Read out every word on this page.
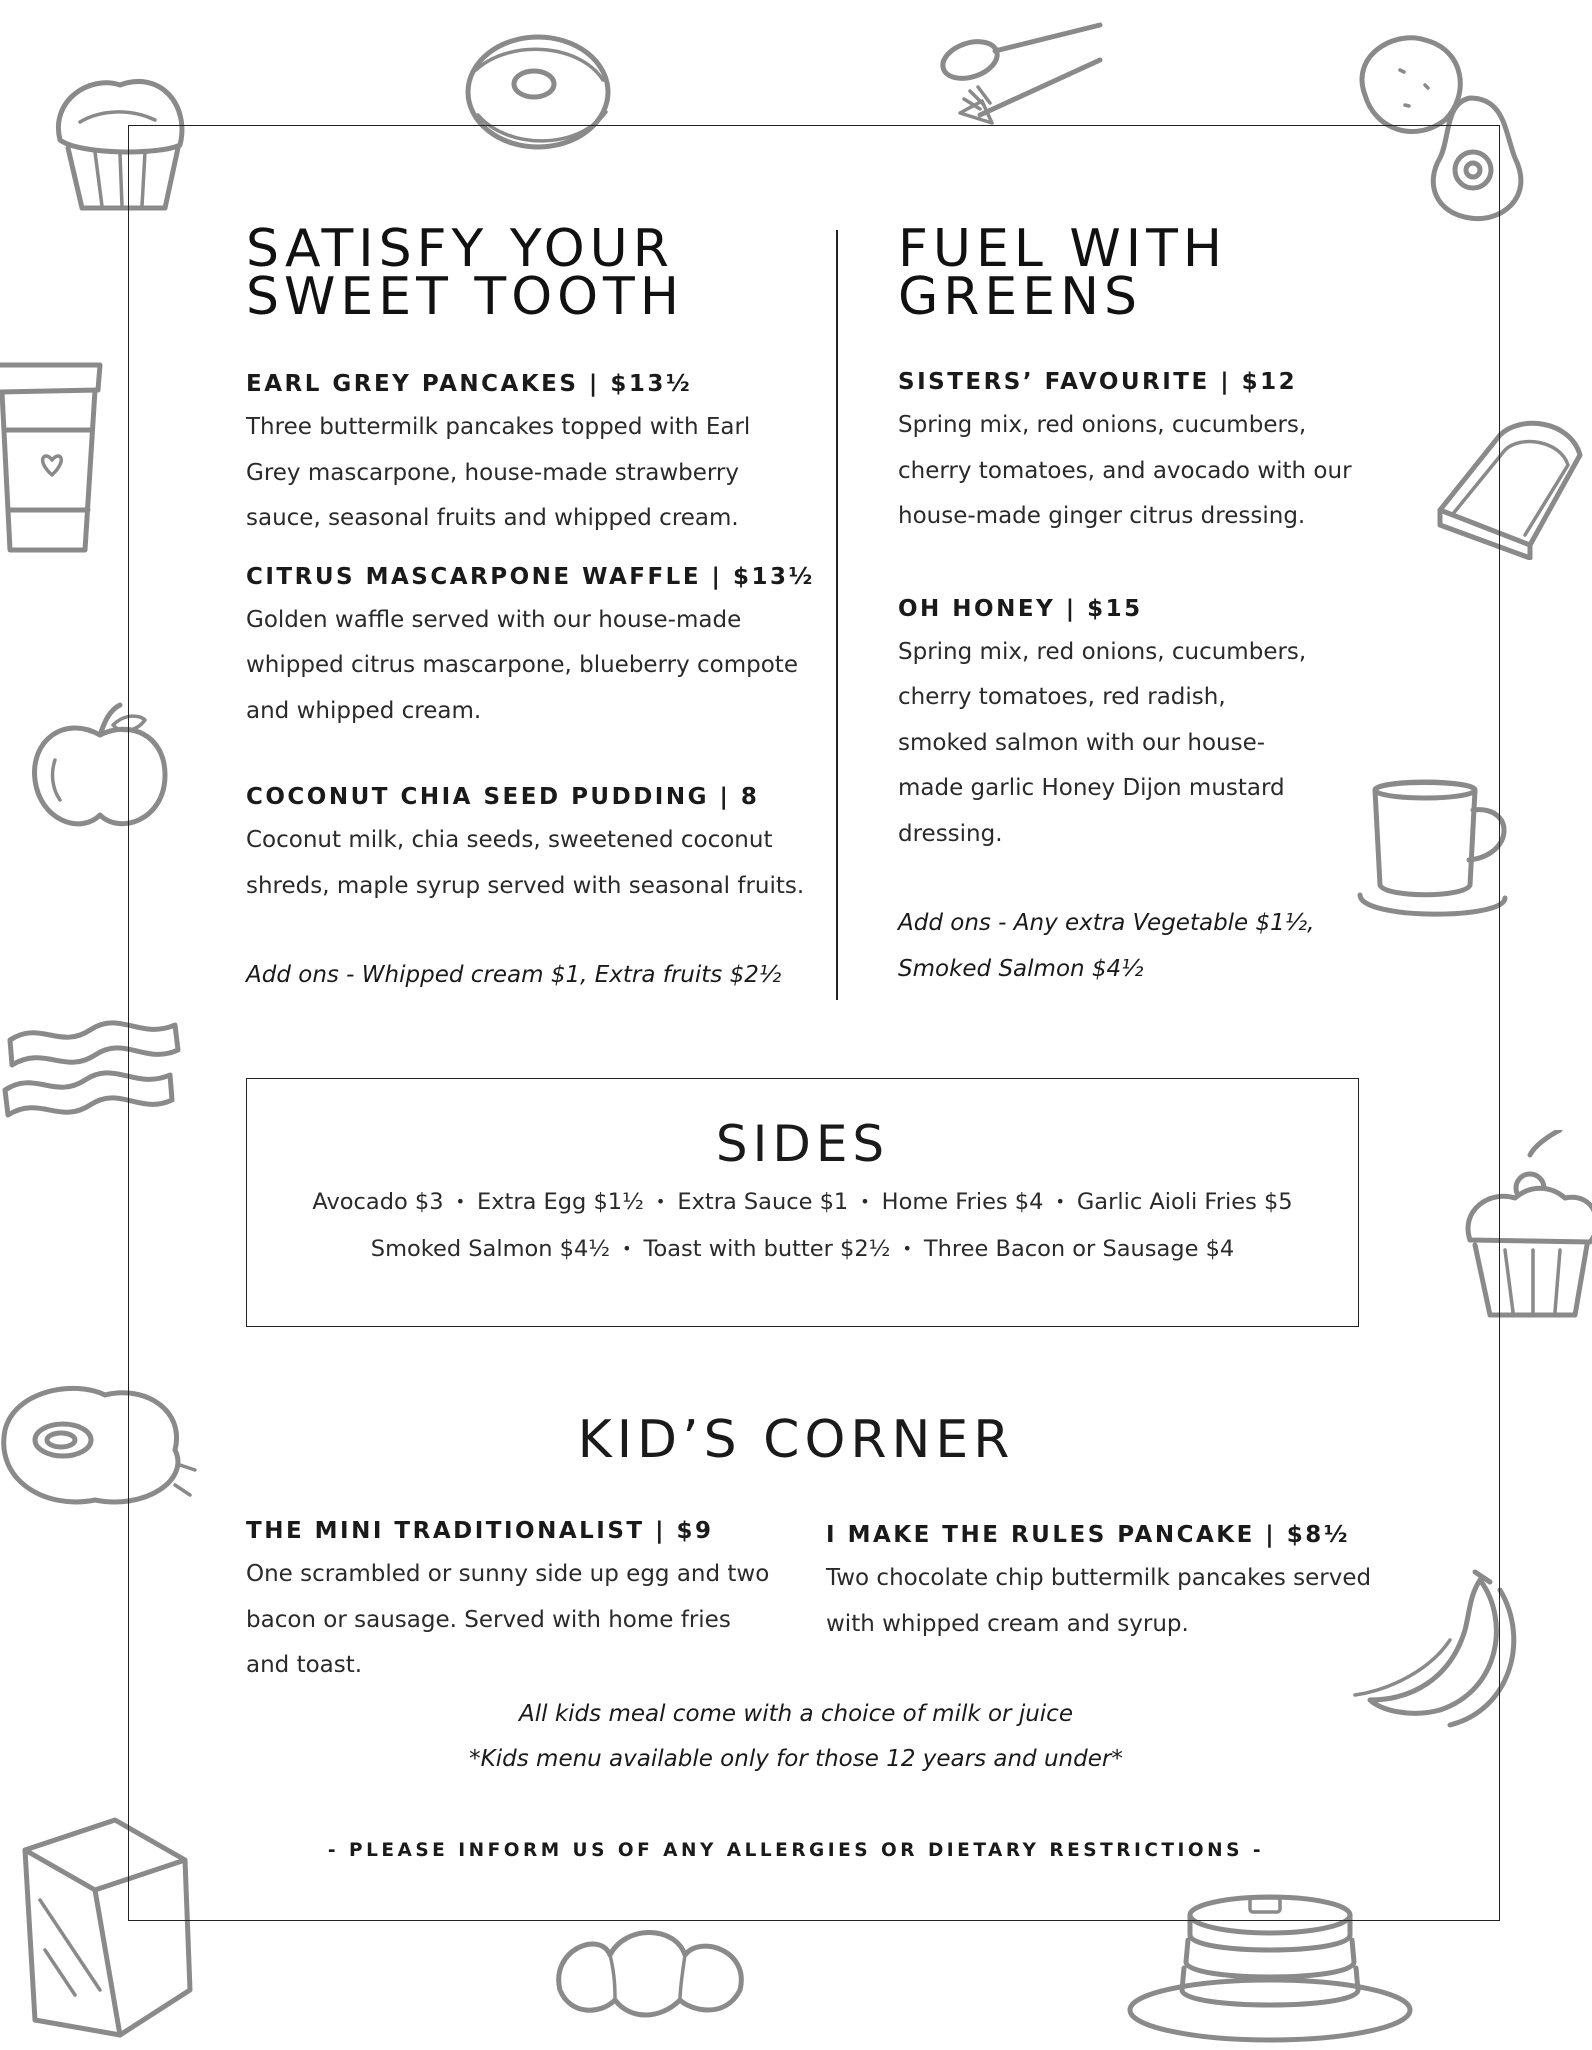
SATISFY YOUR
SWEET TOOTH
EARL GREY PANCAKES | $13½

Three buttermilk pancakes topped with Earl Grey mascarpone, house-made strawberry sauce, seasonal fruits and whipped cream.

CITRUS MASCARPONE WAFFLE | $13½

Golden waffle served with our house-made whipped citrus mascarpone, blueberry compote and whipped cream.

COCONUT CHIA SEED PUDDING | 8

Coconut milk, chia seeds, sweetened coconut shreds, maple syrup served with seasonal fruits.

Add ons - Whipped cream $1, Extra fruits $2½
FUEL WITH
GREENS
SISTERS’ FAVOURITE | $12

Spring mix, red onions, cucumbers, cherry tomatoes, and avocado with our house-made ginger citrus dressing.

OH HONEY | $15

Spring mix, red onions, cucumbers, cherry tomatoes, red radish, smoked salmon with our house-made garlic Honey Dijon mustard dressing.

Add ons - Any extra Vegetable $1½,
Smoked Salmon $4½
SIDES
Avocado $3 • Extra Egg $1½ • Extra Sauce $1 • Home Fries $4 • Garlic Aioli Fries $5
Smoked Salmon $4½ • Toast with butter $2½ • Three Bacon or Sausage $4
KID’S CORNER
THE MINI TRADITIONALIST | $9

One scrambled or sunny side up egg and two bacon or sausage. Served with home fries and toast.

I MAKE THE RULES PANCAKE | $8½

Two chocolate chip buttermilk pancakes served with whipped cream and syrup.

All kids meal come with a choice of milk or juice
*Kids menu available only for those 12 years and under*
- PLEASE INFORM US OF ANY ALLERGIES OR DIETARY RESTRICTIONS -
